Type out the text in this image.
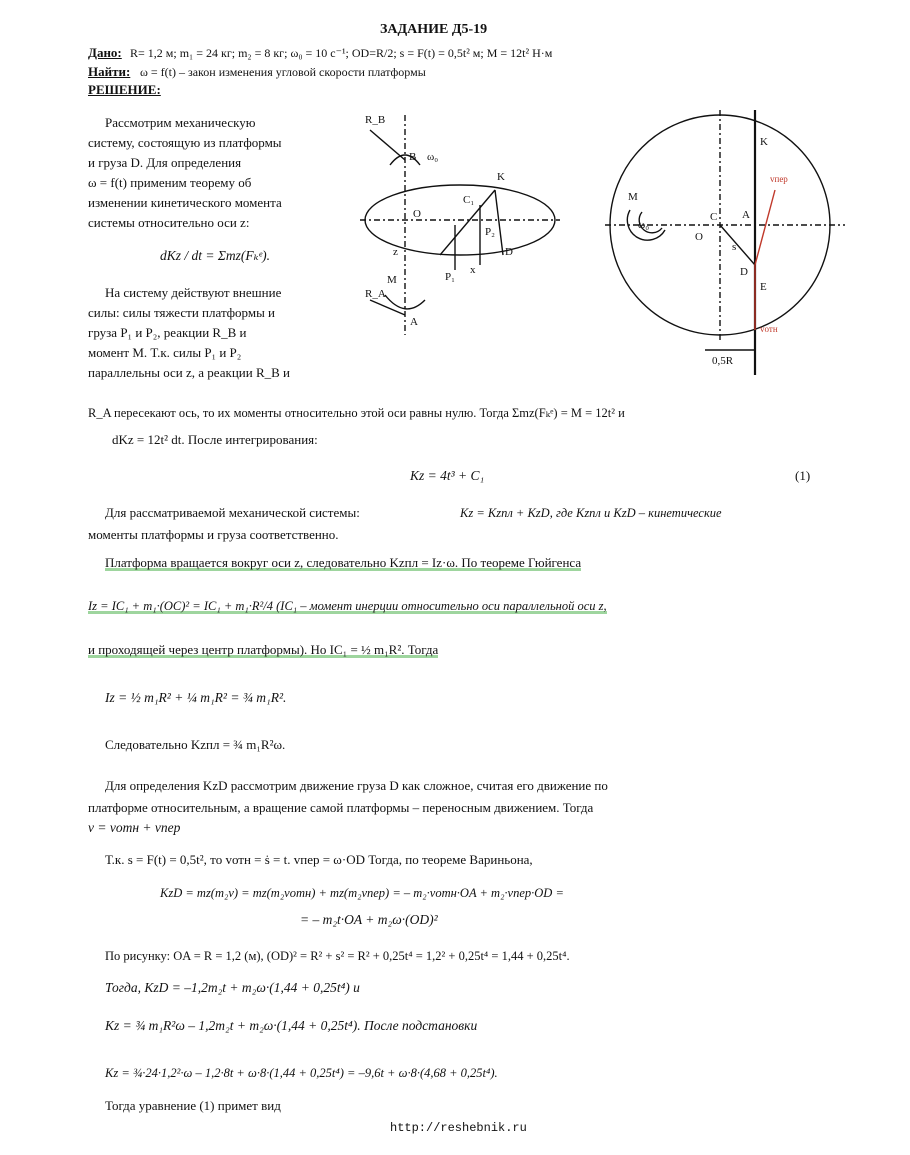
ЗАДАНИЕ Д5-19
Дано: R= 1,2 м; m₁ = 24 кг; m₂ = 8 кг; ω₀ = 10 с⁻¹; OD=R/2; s = F(t) = 0,5t² м; M = 12t² Н·м
Найти: ω = f(t) – закон изменения угловой скорости платформы
РЕШЕНИЕ:
Рассмотрим механическую
систему, состоящую из платформы
и груза D. Для определения
ω = f(t) применим теорему об
изменении кинетического момента
системы относительно оси z:
dKz / dt = Σmz(Fₖᵉ).
На систему действуют внешние
силы: силы тяжести платформы и
груза P₁ и P₂, реакции R_B и
момент M. Т.к. силы P₁ и P₂
параллельны оси z, а реакции R_B и
R_B
B ω₀
K
C₁
O
z
M
R_A
A
P₁
P₂
D
x
K
M
ω₀
A
C
O
D
E
s
vпер
vотн
0,5R
R_A пересекают ось, то их моменты относительно этой оси равны нулю. Тогда Σmz(Fₖᵉ) = M = 12t² и
dKz = 12t² dt. После интегрирования:
Kz = 4t³ + C₁	(1)
Для рассматриваемой механической системы:	Kz = Kzпл + KzD, где Kzпл и KzD – кинетические
моменты платформы и груза соответственно.
Платформа вращается вокруг оси z, следовательно Kzпл = Iz·ω. По теореме Гюйгенса
Iz = IC₁ + m₁·(OC)² = IC₁ + m₁·R²/4 (IC₁ – момент инерции относительно оси параллельной оси z,
и проходящей через центр платформы). Но IC₁ = ½ m₁R². Тогда
Iz = ½ m₁R² + ¼ m₁R² = ¾ m₁R².
Следовательно Kzпл = ¾ m₁R²ω.
Для определения KzD рассмотрим движение груза D как сложное, считая его движение по
платформе относительным, а вращение самой платформы – переносным движением. Тогда
v = vотн + vпер
Т.к. s = F(t) = 0,5t², то vотн = ṡ = t. vпер = ω·OD Тогда, по теореме Вариньона,
KzD = mz(m₂v) = mz(m₂vотн) + mz(m₂vпер) = – m₂·vотн·OA + m₂·vпер·OD =
= – m₂t·OA + m₂ω·(OD)²
По рисунку: OA = R = 1,2 (м), (OD)² = R² + s² = R² + 0,25t⁴ = 1,2² + 0,25t⁴ = 1,44 + 0,25t⁴.
Тогда, KzD = –1,2m₂t + m₂ω·(1,44 + 0,25t⁴) и
Kz = ¾ m₁R²ω – 1,2m₂t + m₂ω·(1,44 + 0,25t⁴). После подстановки
Kz = ¾·24·1,2²·ω – 1,2·8t + ω·8·(1,44 + 0,25t⁴) = –9,6t + ω·8·(4,68 + 0,25t⁴).
Тогда уравнение (1) примет вид
http://reshebnik.ru
